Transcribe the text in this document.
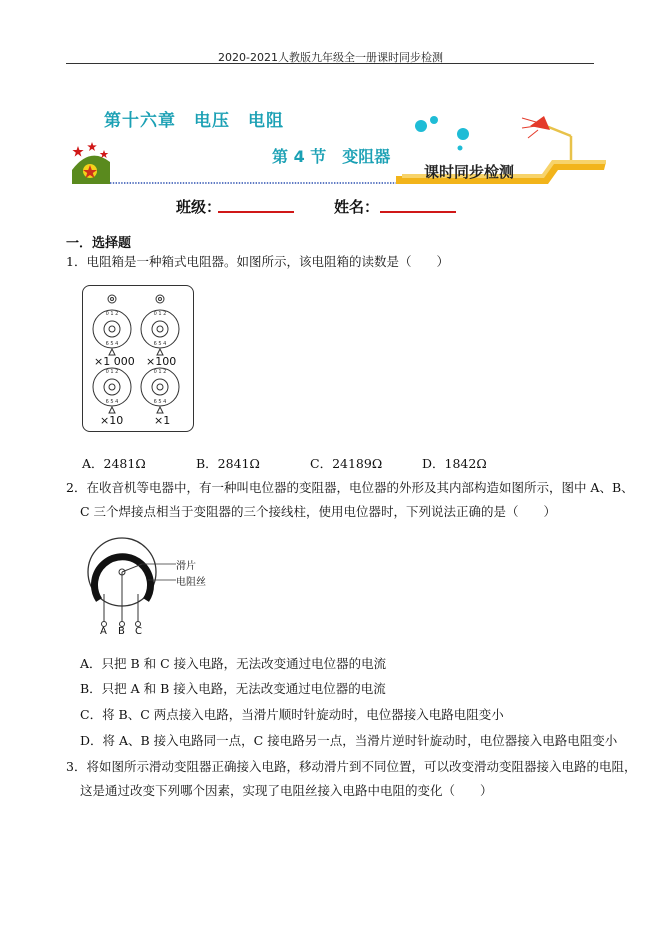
2020-2021人教版九年级全一册课时同步检测
第十六章　电压　电阻
第 4 节　变阻器
课时同步检测
班级：	姓名：
一．选择题
1．电阻箱是一种箱式电阻器。如图所示，该电阻箱的读数是（　　）
0 1 2	0 1 2
6 5 4	6 5 4
0 1 2	0 1 2
6 5 4	6 5 4
×1 000 ×100
×10	×1
A．2481Ω	B．2841Ω	C．24189Ω	D．1842Ω
2．在收音机等电器中，有一种叫电位器的变阻器，电位器的外形及其内部构造如图所示，图中 A、B、
C 三个焊接点相当于变阻器的三个接线柱，使用电位器时，下列说法正确的是（　　）
滑片
电阻丝
A B C
A．只把 B 和 C 接入电路，无法改变通过电位器的电流
B．只把 A 和 B 接入电路，无法改变通过电位器的电流
C．将 B、C 两点接入电路，当滑片顺时针旋动时，电位器接入电路电阻变小
D．将 A、B 接入电路同一点，C 接电路另一点，当滑片逆时针旋动时，电位器接入电路电阻变小
3．将如图所示滑动变阻器正确接入电路，移动滑片到不同位置，可以改变滑动变阻器接入电路的电阻，
这是通过改变下列哪个因素，实现了电阻丝接入电路中电阻的变化（　　）
